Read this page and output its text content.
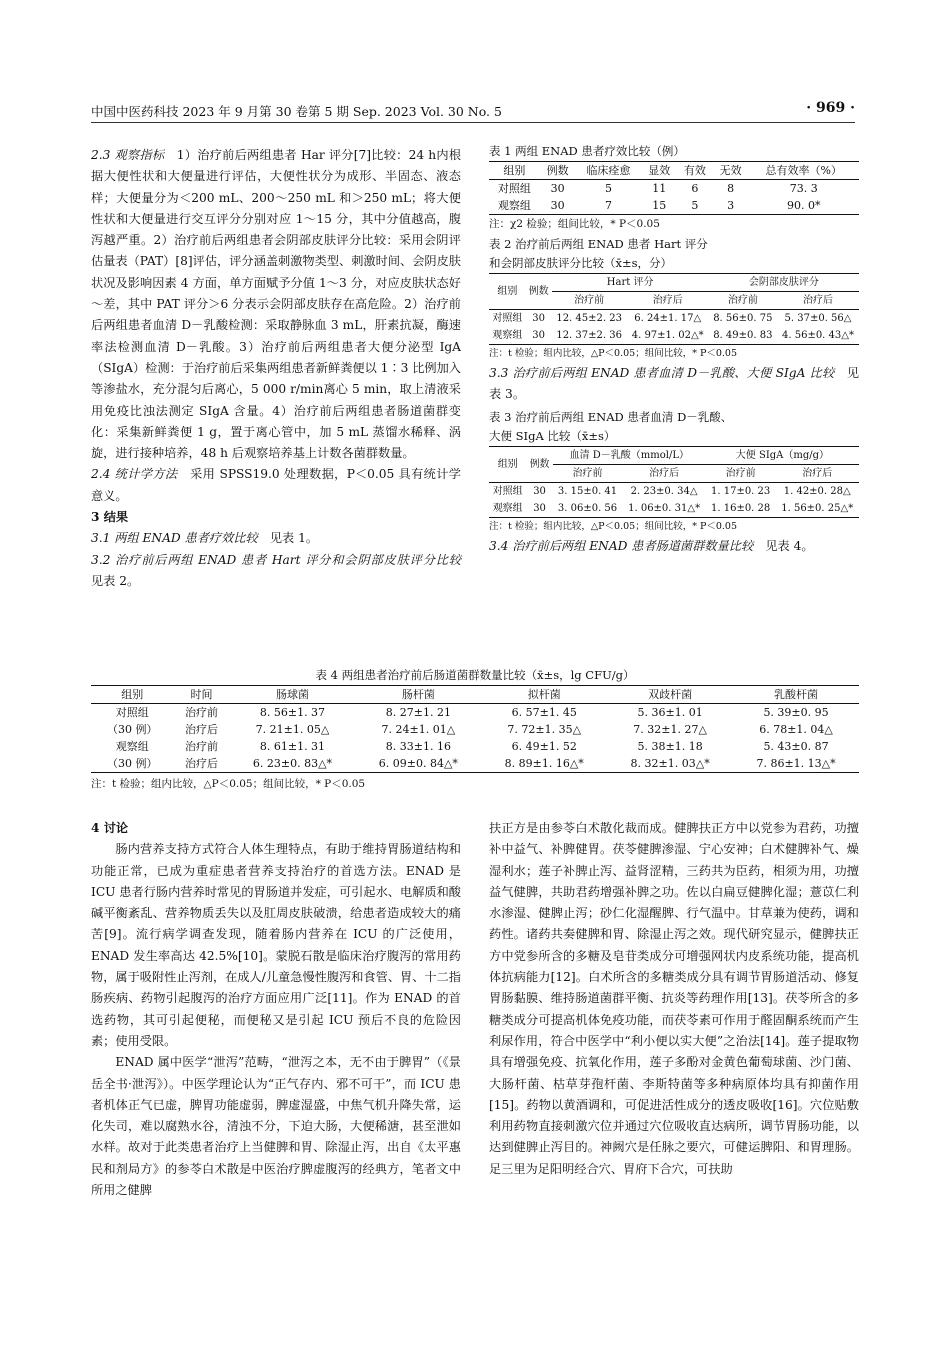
中国中医药科技 2023 年 9 月第 30 卷第 5 期 Sep. 2023 Vol. 30 No. 5	· 969 ·

2.3 观察指标　 1）治疗前后两组患者 Har 评分[7]比较：24 h内根据大便性状和大便量进行评估，大便性状分为成形、半固态、液态样；大便量分为＜200 mL、200～250 mL 和＞250 mL；将大便性状和大便量进行交互评分分别对应 1～15 分，其中分值越高，腹泻越严重。2）治疗前后两组患者会阴部皮肤评分比较：采用会阴评估量表（PAT）[8]评估，评分涵盖刺激物类型、刺激时间、会阴皮肤状况及影响因素 4 方面，单方面赋予分值 1～3 分，对应皮肤状态好～差，其中 PAT 评分＞6 分表示会阴部皮肤存在高危险。2）治疗前后两组患者血清 D－乳酸检测：采取静脉血 3 mL，肝素抗凝，酶速率法检测血清 D－乳酸。3）治疗前后两组患者大便分泌型 IgA（SIgA）检测：于治疗前后采集两组患者新鲜粪便以 1∶3 比例加入等渗盐水，充分混匀后离心，5 000 r/min离心 5 min，取上清液采用免疫比浊法测定 SIgA 含量。4）治疗前后两组患者肠道菌群变化：采集新鲜粪便 1 g，置于离心管中，加 5 mL 蒸馏水稀释、涡旋，进行接种培养，48 h 后观察培养基上计数各菌群数量。

2.4 统计学方法　 采用 SPSS19.0 处理数据，P＜0.05 具有统计学意义。

3 结果

3.1 两组 ENAD 患者疗效比较　 见表 1。

3.2 治疗前后两组 ENAD 患者 Hart 评分和会阴部皮肤评分比较　见表 2。

表 1 两组 ENAD 患者疗效比较（例）

组别	例数	临床痊愈	显效	有效	无效	总有效率（%）
对照组	30	5	11	6	8	73. 3
观察组	30	7	15	5	3	90. 0*

注：χ2 检验；组间比较，* P＜0.05

表 2 治疗前后两组 ENAD 患者 Hart 评分

和会阴部皮肤评分比较（x̄±s，分）

组别	例数	Hart 评分		会阴部皮肤评分	
		治疗前	治疗后	治疗前	治疗后
对照组	30	12. 45±2. 23	6. 24±1. 17△	8. 56±0. 75	5. 37±0. 56△
观察组	30	12. 37±2. 36	4. 97±1. 02△*	8. 49±0. 83	4. 56±0. 43△*

注：t 检验；组内比较，△P＜0.05；组间比较，* P＜0.05

3.3 治疗前后两组 ENAD 患者血清 D－乳酸、大便 SIgA 比较　 见表 3。

表 3 治疗前后两组 ENAD 患者血清 D－乳酸、

大便 SIgA 比较（x̄±s）

组别	例数	血清 D－乳酸（mmol/L）		大便 SIgA（mg/g）	
		治疗前	治疗后	治疗前	治疗后
对照组	30	3. 15±0. 41	2. 23±0. 34△	1. 17±0. 23	1. 42±0. 28△
观察组	30	3. 06±0. 56	1. 06±0. 31△*	1. 16±0. 28	1. 56±0. 25△*

注：t 检验；组内比较，△P＜0.05；组间比较，* P＜0.05

3.4 治疗前后两组 ENAD 患者肠道菌群数量比较　 见表 4。

表 4 两组患者治疗前后肠道菌群数量比较（x̄±s，lg CFU/g）

组别	时间	肠球菌	肠杆菌	拟杆菌	双歧杆菌	乳酸杆菌
对照组	治疗前	8. 56±1. 37	8. 27±1. 21	6. 57±1. 45	5. 36±1. 01	5. 39±0. 95
（30 例）	治疗后	7. 21±1. 05△	7. 24±1. 01△	7. 72±1. 35△	7. 32±1. 27△	6. 78±1. 04△
观察组	治疗前	8. 61±1. 31	8. 33±1. 16	6. 49±1. 52	5. 38±1. 18	5. 43±0. 87
（30 例）	治疗后	6. 23±0. 83△*	6. 09±0. 84△*	8. 89±1. 16△*	8. 32±1. 03△*	7. 86±1. 13△*

注：t 检验；组内比较，△P＜0.05；组间比较，* P＜0.05

4 讨论

肠内营养支持方式符合人体生理特点，有助于维持胃肠道结构和功能正常，已成为重症患者营养支持治疗的首选方法。ENAD 是 ICU 患者行肠内营养时常见的胃肠道并发症，可引起水、电解质和酸碱平衡紊乱、营养物质丢失以及肛周皮肤破溃，给患者造成较大的痛苦[9]。流行病学调查发现，随着肠内营养在 ICU 的广泛使用，ENAD 发生率高达 42.5%[10]。蒙脱石散是临床治疗腹泻的常用药物，属于吸附性止泻剂，在成人/儿童急慢性腹泻和食管、胃、十二指肠疾病、药物引起腹泻的治疗方面应用广泛[11]。作为 ENAD 的首选药物，其可引起便秘，而便秘又是引起 ICU 预后不良的危险因素；使用受限。

ENAD 属中医学“泄泻”范畴，“泄泻之本，无不由于脾胃”（《景岳全书·泄泻》）。中医学理论认为“正气存内、邪不可干”，而 ICU 患者机体正气已虚，脾胃功能虚弱，脾虚湿盛，中焦气机升降失常，运化失司，难以腐熟水谷，清浊不分，下迫大肠，大便稀溏，甚至泄如水样。故对于此类患者治疗上当健脾和胃、除湿止泻，出自《太平惠民和剂局方》的参苓白术散是中医治疗脾虚腹泻的经典方，笔者文中所用之健脾

扶正方是由参苓白术散化裁而成。健脾扶正方中以党参为君药，功擅补中益气、补脾健胃。茯苓健脾渗湿、宁心安神；白术健脾补气、燥湿利水；莲子补脾止泻、益肾涩精，三药共为臣药，相须为用，功擅益气健脾，共助君药增强补脾之功。佐以白扁豆健脾化湿；薏苡仁利水渗湿、健脾止泻；砂仁化湿醒脾、行气温中。甘草兼为使药，调和药性。诸药共奏健脾和胃、除湿止泻之效。现代研究显示，健脾扶正方中党参所含的多糖及皂苷类成分可增强网状内皮系统功能，提高机体抗病能力[12]。白术所含的多糖类成分具有调节胃肠道活动、修复胃肠黏膜、维持肠道菌群平衡、抗炎等药理作用[13]。茯苓所含的多糖类成分可提高机体免疫功能，而茯苓素可作用于醛固酮系统而产生利尿作用，符合中医学中“利小便以实大便”之治法[14]。莲子提取物具有增强免疫、抗氧化作用，莲子多酚对金黄色葡萄球菌、沙门菌、大肠杆菌、枯草芽孢杆菌、李斯特菌等多种病原体均具有抑菌作用[15]。药物以黄酒调和，可促进活性成分的透皮吸收[16]。穴位贴敷利用药物直接刺激穴位并通过穴位吸收直达病所，调节胃肠功能，以达到健脾止泻目的。神阙穴是任脉之要穴，可健运脾阳、和胃理肠。足三里为足阳明经合穴、胃府下合穴，可扶助
